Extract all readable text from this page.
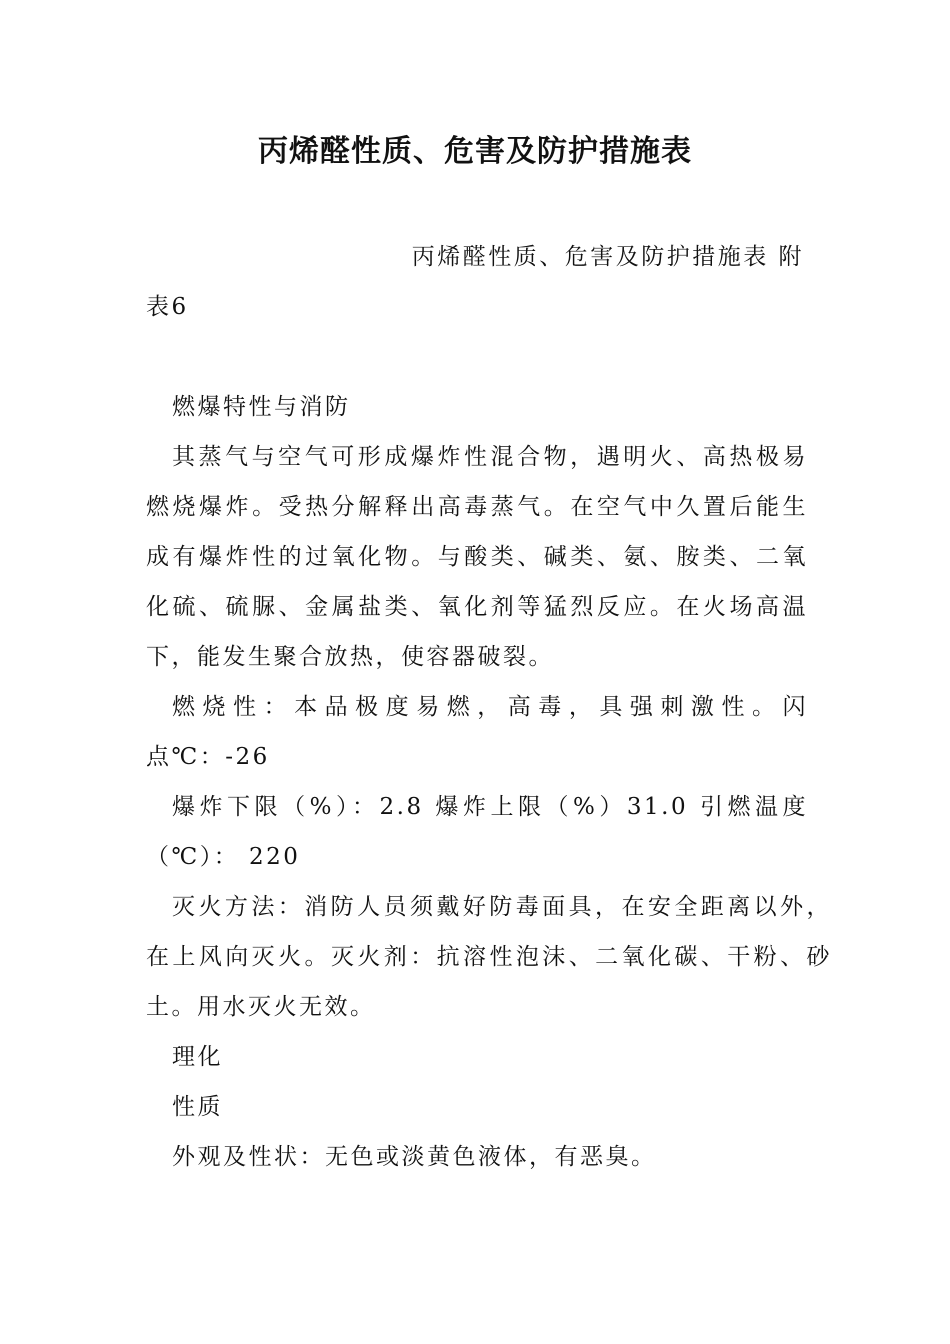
丙烯醛性质、危害及防护措施表
丙烯醛性质、危害及防护措施表 附
表6

燃爆特性与消防

其蒸气与空气可形成爆炸性混合物，遇明火、高热极易燃烧爆炸。受热分解释出高毒蒸气。在空气中久置后能生成有爆炸性的过氧化物。与酸类、碱类、氨、胺类、二氧化硫、硫脲、金属盐类、氧化剂等猛烈反应。在火场高温下，能发生聚合放热，使容器破裂。

燃烧性：本品极度易燃，高毒，具强刺激性。闪点℃：-26

爆炸下限（%）：2.8 爆炸上限（%）31.0 引燃温度（℃）： 220

灭火方法：消防人员须戴好防毒面具，在安全距离以外，在上风向灭火。灭火剂：抗溶性泡沫、二氧化碳、干粉、砂土。用水灭火无效。

理化

性质

外观及性状：无色或淡黄色液体，有恶臭。
